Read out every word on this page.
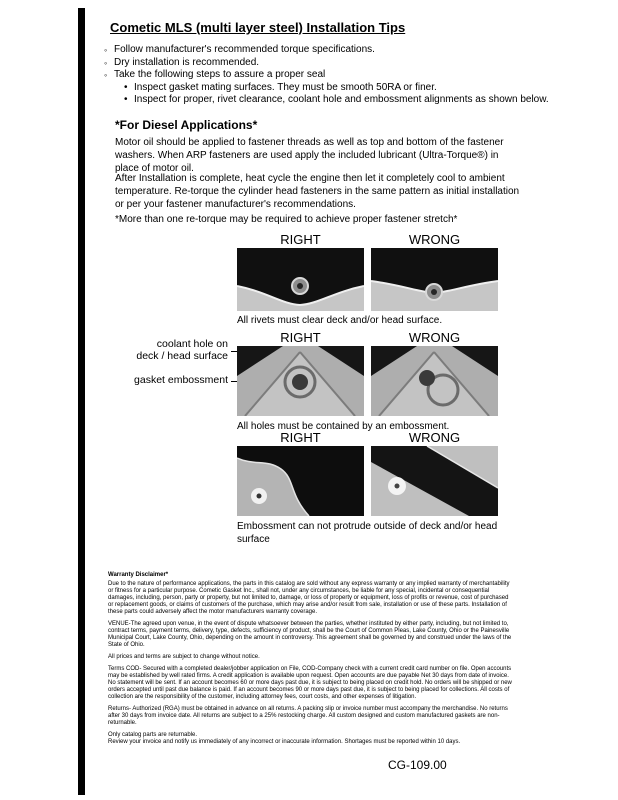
Cometic MLS (multi layer steel) Installation Tips
◦ Follow manufacturer's recommended torque specifications.
◦ Dry installation is recommended.
◦ Take the following steps to assure a proper seal
• Inspect gasket mating surfaces. They must be smooth 50RA or finer.
• Inspect for proper, rivet clearance, coolant hole and embossment alignments as shown below.
*For Diesel Applications*
Motor oil should be applied to fastener threads as well as top and bottom of the fastener washers. When ARP fasteners are used apply the included lubricant (Ultra-Torque®) in place of motor oil.
After Installation is complete, heat cycle the engine then let it completely cool to ambient temperature. Re-torque the cylinder head fasteners in the same pattern as initial installation or per your fastener manufacturer's recommendations.
*More than one re-torque may be required to achieve proper fastener stretch*
RIGHT	WRONG
All rivets must clear deck and/or head surface.
coolant hole on
deck / head surface
gasket embossment
RIGHT	WRONG
All holes must be contained by an embossment.
RIGHT	WRONG
Embossment can not protrude outside of deck and/or head surface
Warranty Disclaimer*

Due to the nature of performance applications, the parts in this catalog are sold without any express warranty or any implied warranty of merchantability or fitness for a particular purpose. Cometic Gasket Inc., shall not, under any circumstances, be liable for any special, incidental or consequential damages, including, person, party or property, but not limited to, damage, or loss of property or equipment, loss of profits or revenue, cost of purchased or replacement goods, or claims of customers of the purchase, which may arise and/or result from sale, installation or use of these parts. Installation of these parts could adversely affect the motor manufacturers warranty coverage.

VENUE-The agreed upon venue, in the event of dispute whatsoever between the parties, whether instituted by either party, including, but not limited to, contract terms, payment terms, delivery, type, defects, sufficiency of product, shall be the Court of Common Pleas, Lake County, Ohio or the Painesville Municipal Court, Lake County, Ohio, depending on the amount in controversy. This agreement shall be governed by and construed under the laws of the State of Ohio.

All prices and terms are subject to change without notice.

Terms COD- Secured with a completed dealer/jobber application on File, COD-Company check with a current credit card number on file. Open accounts may be established by well rated firms. A credit application is available upon request. Open accounts are due payable Net 30 days from date of invoice. No statement will be sent. If an account becomes 60 or more days past due, it is subject to being placed on credit hold. No orders will be shipped or new orders accepted until past due balance is paid. If an account becomes 90 or more days past due, it is subject to being placed for collections. All costs of collection are the responsibility of the customer, including attorney fees, court costs, and other expenses of litigation.

Returns- Authorized (RGA) must be obtained in advance on all returns. A packing slip or invoice number must accompany the merchandise. No returns after 30 days from invoice date. All returns are subject to a 25% restocking charge. All custom designed and custom manufactured gaskets are non-returnable.

Only catalog parts are returnable.

Review your invoice and notify us immediately of any incorrect or inaccurate information. Shortages must be reported within 10 days.

CG-109.00
